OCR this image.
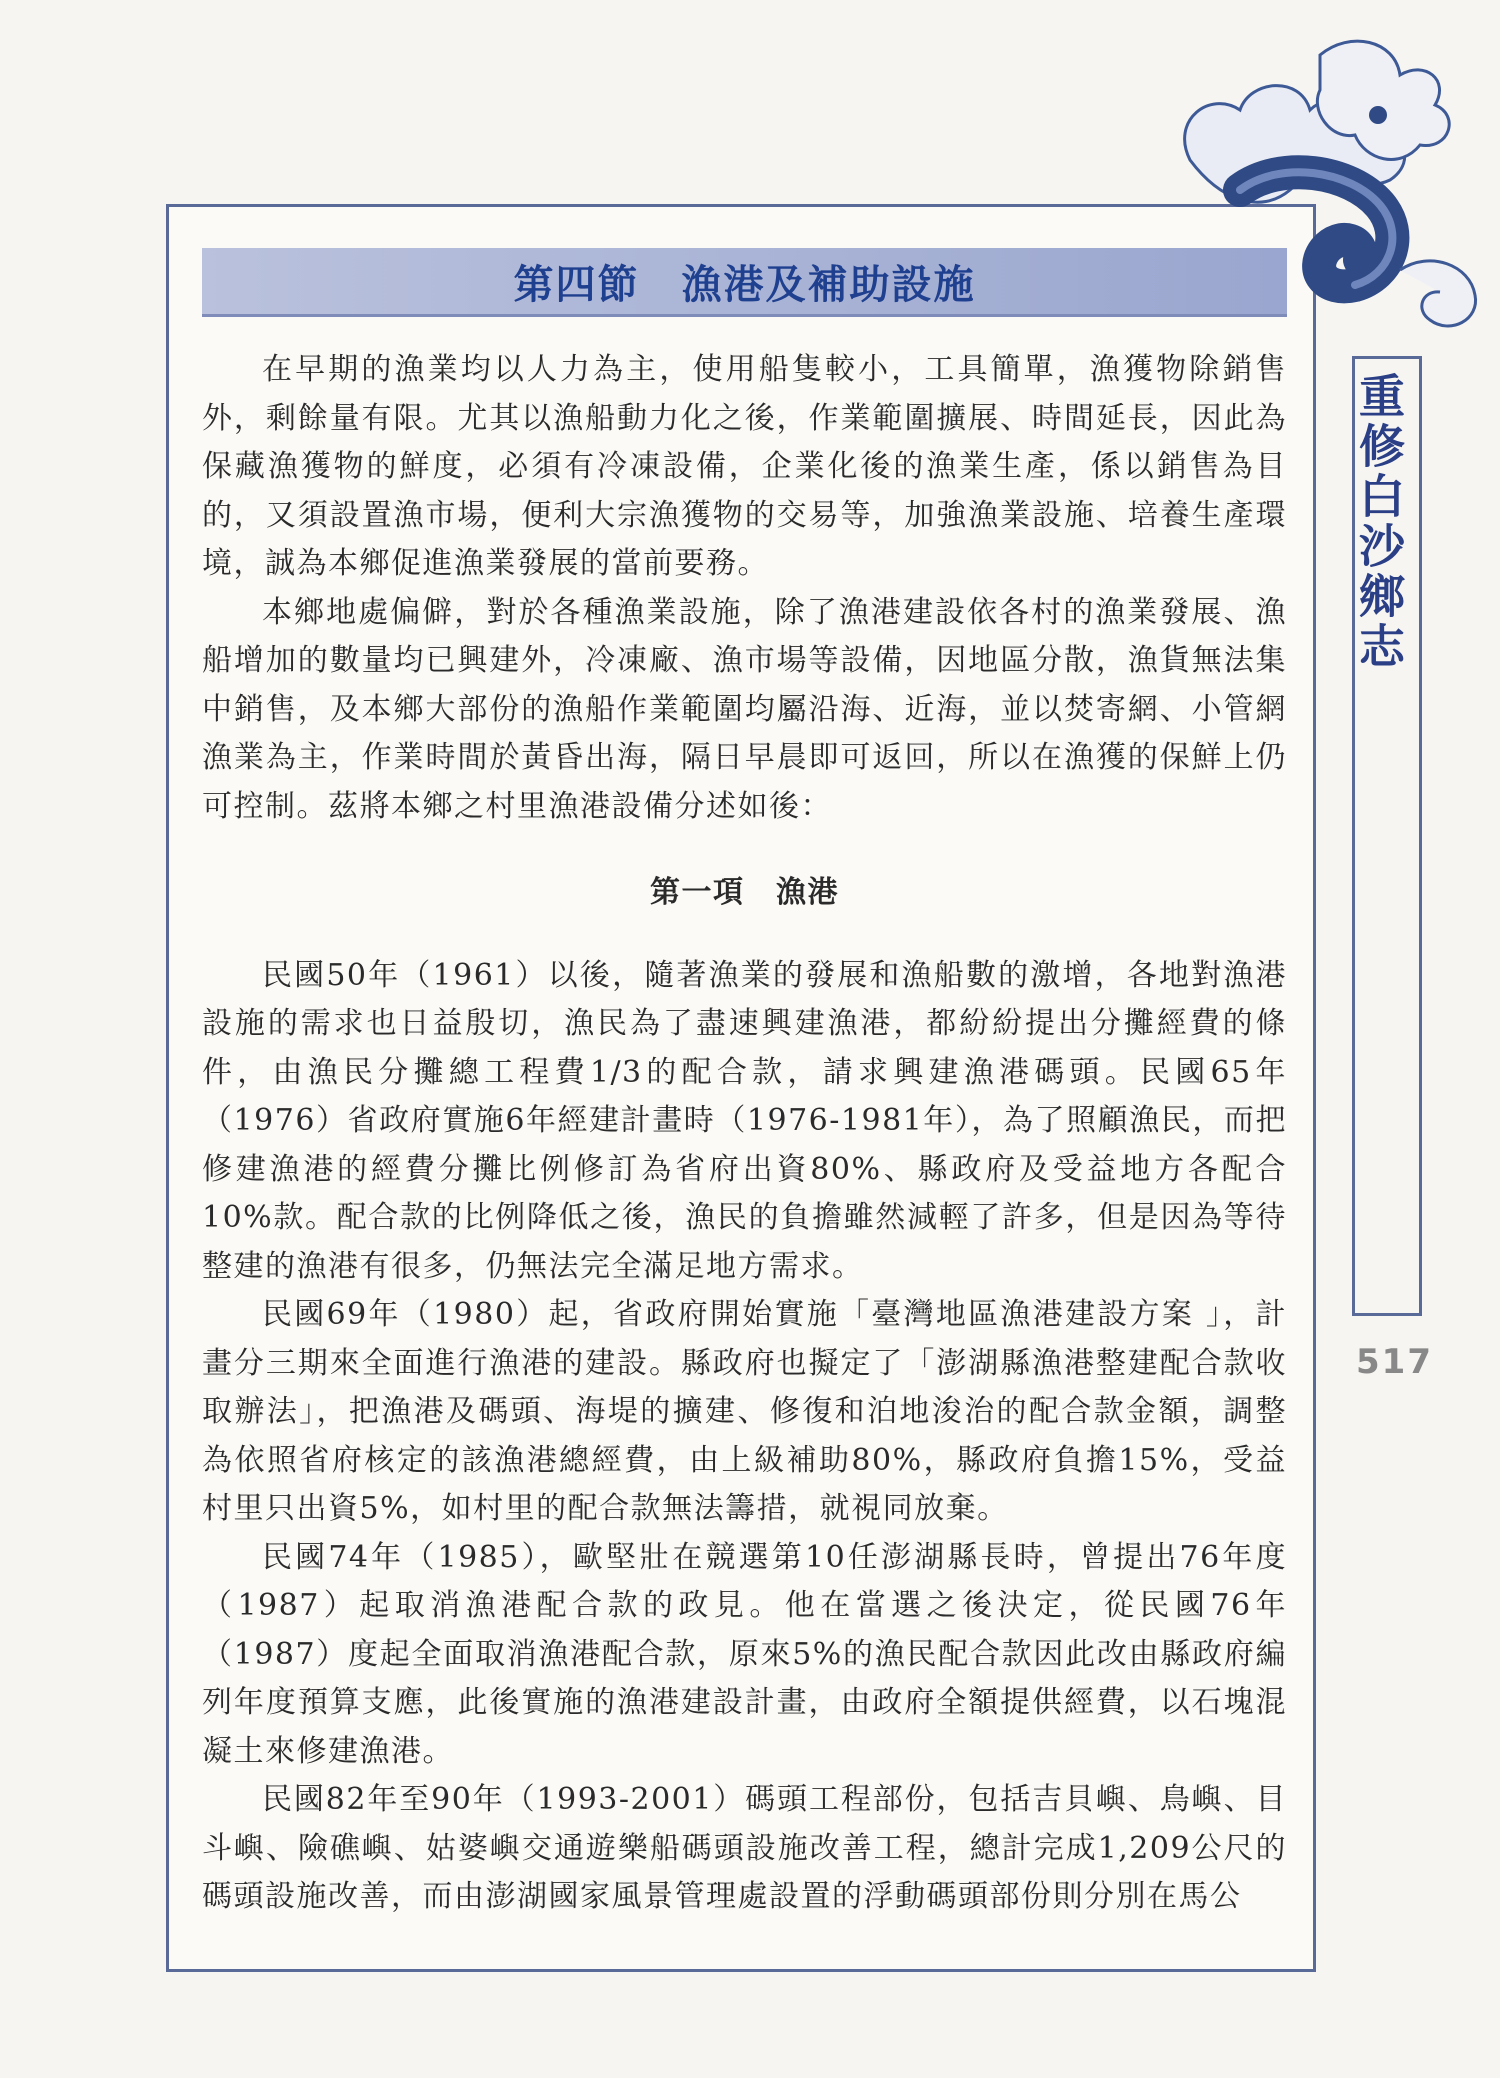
第四節　漁港及補助設施

在早期的漁業均以人力為主，使用船隻較小，工具簡單，漁獲物除銷售外，剩餘量有限。尤其以漁船動力化之後，作業範圍擴展、時間延長，因此為保藏漁獲物的鮮度，必須有冷凍設備，企業化後的漁業生產，係以銷售為目的，又須設置漁市場，便利大宗漁獲物的交易等，加強漁業設施、培養生產環境，誠為本鄉促進漁業發展的當前要務。

本鄉地處偏僻，對於各種漁業設施，除了漁港建設依各村的漁業發展、漁船增加的數量均已興建外，冷凍廠、漁市場等設備，因地區分散，漁貨無法集中銷售，及本鄉大部份的漁船作業範圍均屬沿海、近海，並以焚寄網、小管網漁業為主，作業時間於黃昏出海，隔日早晨即可返回，所以在漁獲的保鮮上仍可控制。茲將本鄉之村里漁港設備分述如後：

第一項　漁港

民國50年（1961）以後，隨著漁業的發展和漁船數的激增，各地對漁港設施的需求也日益殷切，漁民為了盡速興建漁港，都紛紛提出分攤經費的條件，由漁民分攤總工程費1/3的配合款，請求興建漁港碼頭。民國65年（1976）省政府實施6年經建計畫時（1976-1981年），為了照顧漁民，而把修建漁港的經費分攤比例修訂為省府出資80%、縣政府及受益地方各配合10%款。配合款的比例降低之後，漁民的負擔雖然減輕了許多，但是因為等待整建的漁港有很多，仍無法完全滿足地方需求。

民國69年（1980）起，省政府開始實施「臺灣地區漁港建設方案 」，計畫分三期來全面進行漁港的建設。縣政府也擬定了「澎湖縣漁港整建配合款收取辦法」，把漁港及碼頭、海堤的擴建、修復和泊地浚治的配合款金額，調整為依照省府核定的該漁港總經費，由上級補助80%，縣政府負擔15%，受益村里只出資5%，如村里的配合款無法籌措，就視同放棄。

民國74年（1985），歐堅壯在競選第10任澎湖縣長時，曾提出76年度（1987）起取消漁港配合款的政見。他在當選之後決定，從民國76年（1987）度起全面取消漁港配合款，原來5%的漁民配合款因此改由縣政府編列年度預算支應，此後實施的漁港建設計畫，由政府全額提供經費，以石塊混凝土來修建漁港。

民國82年至90年（1993-2001）碼頭工程部份，包括吉貝嶼、鳥嶼、目斗嶼、險礁嶼、姑婆嶼交通遊樂船碼頭設施改善工程，總計完成1,209公尺的碼頭設施改善，而由澎湖國家風景管理處設置的浮動碼頭部份則分別在馬公

重修白沙鄉志
517
